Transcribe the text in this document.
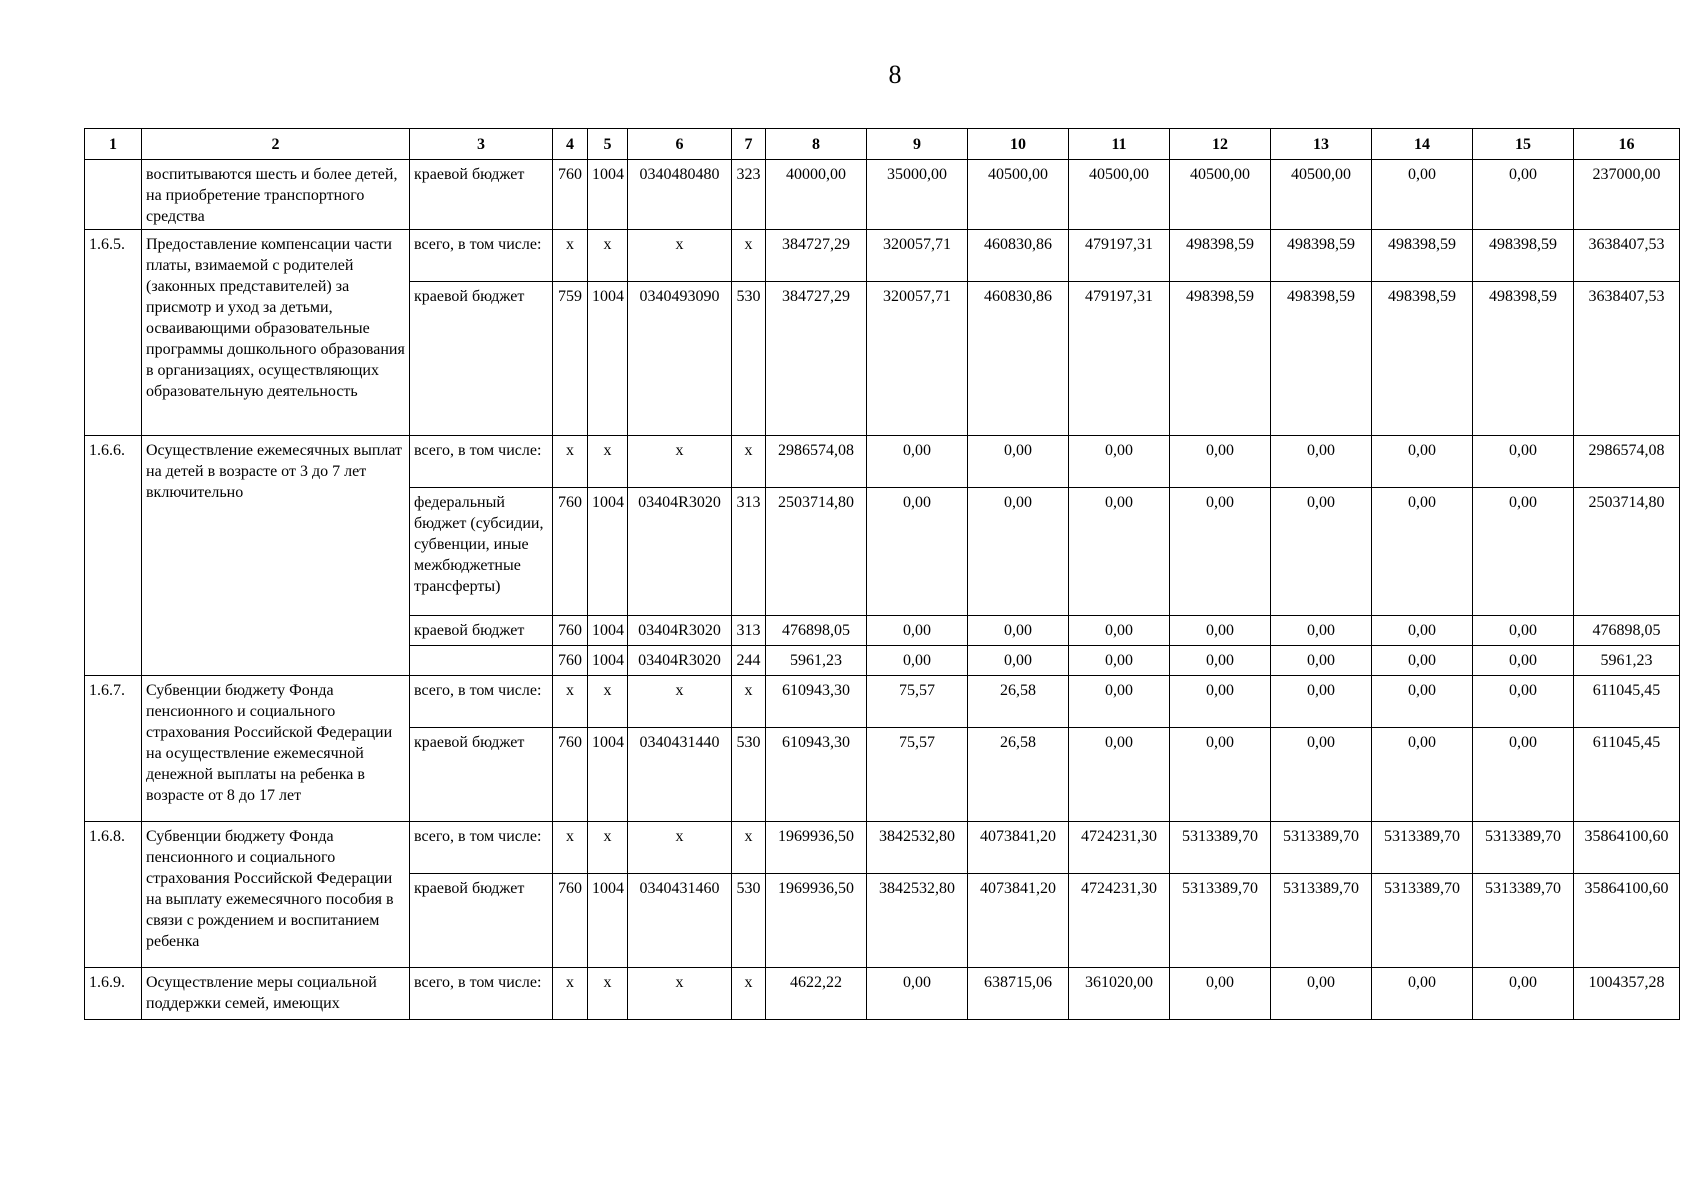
8
1	2	3	4	5	6	7	8	9	10	11	12	13	14	15	16
	воспитываются шесть и более детей, на приобретение транспортного средства	краевой бюджет	760	1004	0340480480	323	40000,00	35000,00	40500,00	40500,00	40500,00	40500,00	0,00	0,00	237000,00
1.6.5.	Предоставление компенсации части платы, взимаемой с родителей (законных представителей) за присмотр и уход за детьми, осваивающими образовательные программы дошкольного образования в организациях, осуществляющих образовательную деятельность	всего, в том числе:	x	x	x	x	384727,29	320057,71	460830,86	479197,31	498398,59	498398,59	498398,59	498398,59	3638407,53
		краевой бюджет	759	1004	0340493090	530	384727,29	320057,71	460830,86	479197,31	498398,59	498398,59	498398,59	498398,59	3638407,53
1.6.6.	Осуществление ежемесячных выплат на детей в возрасте от 3 до 7 лет включительно	всего, в том числе:	x	x	x	x	2986574,08	0,00	0,00	0,00	0,00	0,00	0,00	0,00	2986574,08
		федеральный бюджет (субсидии, субвенции, иные межбюджетные трансферты)	760	1004	03404R3020	313	2503714,80	0,00	0,00	0,00	0,00	0,00	0,00	0,00	2503714,80
		краевой бюджет	760	1004	03404R3020	313	476898,05	0,00	0,00	0,00	0,00	0,00	0,00	0,00	476898,05
			760	1004	03404R3020	244	5961,23	0,00	0,00	0,00	0,00	0,00	0,00	0,00	5961,23
1.6.7.	Субвенции бюджету Фонда пенсионного и социального страхования Российской Федерации на осуществление ежемесячной денежной выплаты на ребенка в возрасте от 8 до 17 лет	всего, в том числе:	x	x	x	x	610943,30	75,57	26,58	0,00	0,00	0,00	0,00	0,00	611045,45
		краевой бюджет	760	1004	0340431440	530	610943,30	75,57	26,58	0,00	0,00	0,00	0,00	0,00	611045,45
1.6.8.	Субвенции бюджету Фонда пенсионного и социального страхования Российской Федерации на выплату ежемесячного пособия в связи с рождением и воспитанием ребенка	всего, в том числе:	x	x	x	x	1969936,50	3842532,80	4073841,20	4724231,30	5313389,70	5313389,70	5313389,70	5313389,70	35864100,60
		краевой бюджет	760	1004	0340431460	530	1969936,50	3842532,80	4073841,20	4724231,30	5313389,70	5313389,70	5313389,70	5313389,70	35864100,60
1.6.9.	Осуществление меры социальной поддержки семей, имеющих	всего, в том числе:	x	x	x	x	4622,22	0,00	638715,06	361020,00	0,00	0,00	0,00	0,00	1004357,28
